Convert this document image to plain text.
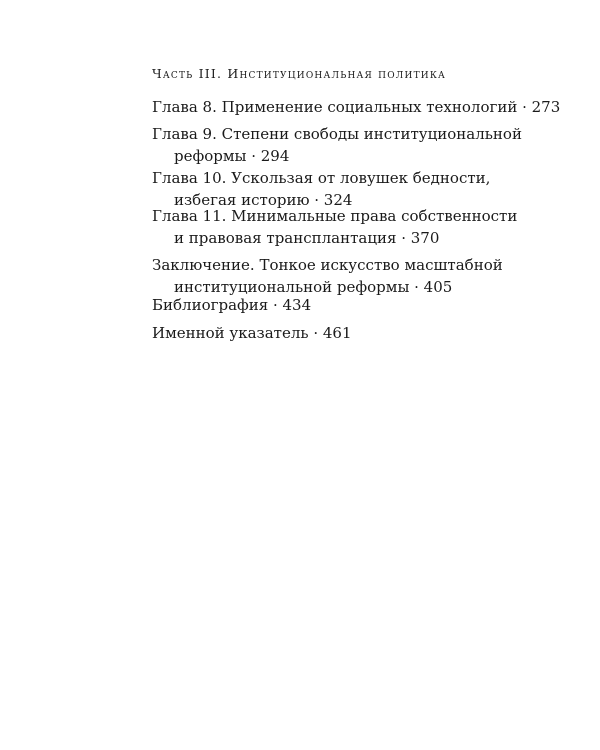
Часть III. Институциональная политика
Глава 8. Применение социальных технологий · 273
Глава 9. Степени свободы институциональной
реформы · 294
Глава 10. Ускользая от ловушек бедности,
избегая историю · 324
Глава 11. Минимальные права собственности
и правовая трансплантация · 370
Заключение. Тонкое искусство масштабной
институциональной реформы · 405
Библиография · 434
Именной указатель · 461
